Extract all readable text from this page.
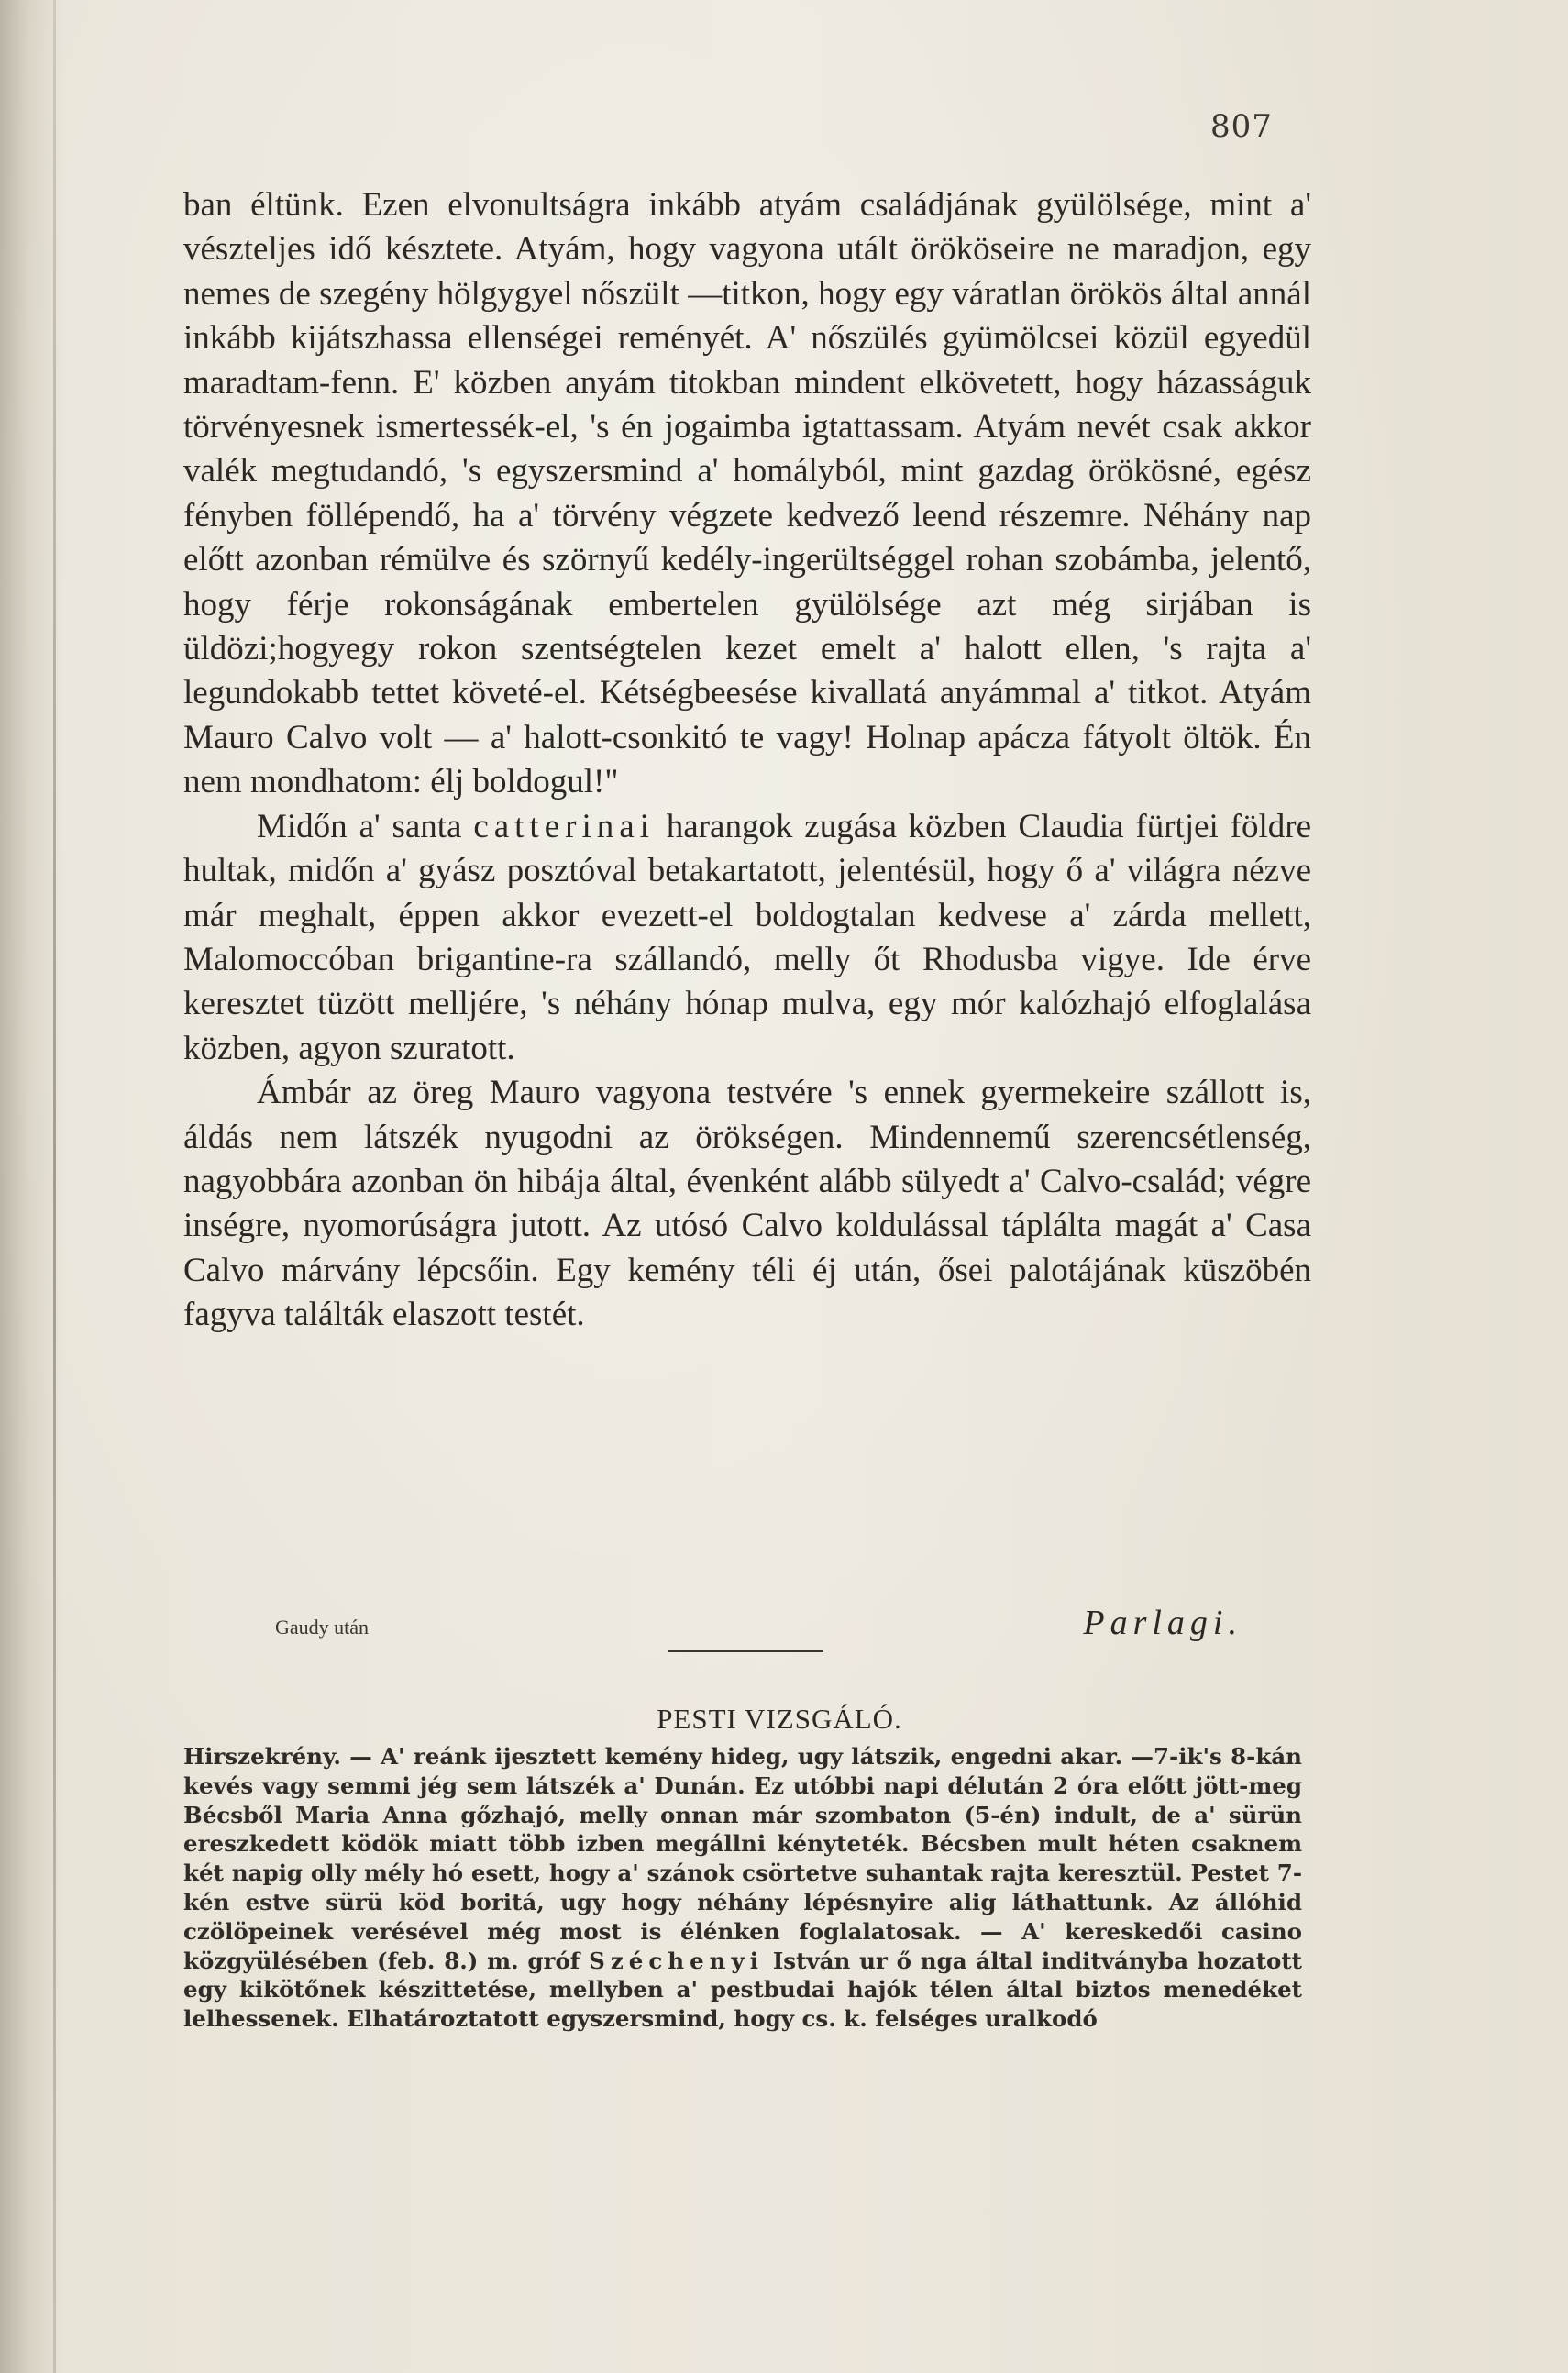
807

ban éltünk. Ezen elvonultságra inkább atyám családjának gyülölsége, mint a' vészteljes idő késztete. Atyám, hogy vagyona utált örököseire ne maradjon, egy nemes de szegény hölgygyel nőszült —titkon, hogy egy váratlan örökös által annál inkább kijátszhassa ellenségei reményét. A' nőszülés gyümölcsei közül egyedül maradtam-fenn. E' közben anyám titokban mindent elkövetett, hogy házasságuk törvényesnek ismertessék-el, 's én jogaimba igtattassam. Atyám nevét csak akkor valék megtudandó, 's egyszersmind a' homályból, mint gazdag örökösné, egész fényben föllépendő, ha a' törvény végzete kedvező leend részemre. Néhány nap előtt azonban rémülve és szörnyű kedély-ingerültséggel rohan szobámba, jelentő, hogy férje rokonságának embertelen gyülölsége azt még sirjában is üldözi;hogyegy rokon szentségtelen kezet emelt a' halott ellen, 's rajta a' legundokabb tettet követé-el. Kétségbeesése kivallatá anyámmal a' titkot. Atyám Mauro Calvo volt — a' halott-csonkitó te vagy! Holnap apácza fátyolt öltök. Én nem mondhatom: élj boldogul!"

Midőn a' santa catterinai harangok zugása közben Claudia fürtjei földre hultak, midőn a' gyász posztóval betakartatott, jelentésül, hogy ő a' világra nézve már meghalt, éppen akkor evezett-el boldogtalan kedvese a' zárda mellett, Malomoccóban brigantine-ra szállandó, melly őt Rhodusba vigye. Ide érve keresztet tüzött melljére, 's néhány hónap mulva, egy mór kalózhajó elfoglalása közben, agyon szuratott.

Ámbár az öreg Mauro vagyona testvére 's ennek gyermekeire szállott is, áldás nem látszék nyugodni az örökségen. Mindennemű szerencsétlenség, nagyobbára azonban ön hibája által, évenként alább sülyedt a' Calvo-család; végre inségre, nyomorúságra jutott. Az utósó Calvo koldulással táplálta magát a' Casa Calvo márvány lépcsőin. Egy kemény téli éj után, ősei palotájának küszöbén fagyva találták elaszott testét.

Gaudy után	Parlagi.
PESTI VIZSGÁLÓ.

Hirszekrény. — A' reánk ijesztett kemény hideg, ugy látszik, engedni akar. —7-ik's 8-kán kevés vagy semmi jég sem látszék a' Dunán. Ez utóbbi napi délután 2 óra előtt jött-meg Bécsből Maria Anna gőzhajó, melly onnan már szombaton (5-én) indult, de a' sürün ereszkedett ködök miatt több izben megállni kényteték. Bécsben mult héten csaknem két napig olly mély hó esett, hogy a' szánok csörtetve suhantak rajta keresztül. Pestet 7-kén estve sürü köd boritá, ugy hogy néhány lépésnyire alig láthattunk. Az állóhid czölöpeinek verésével még most is élénken foglalatosak. — A' kereskedői casino közgyülésében (feb. 8.) m. gróf Széchenyi István ur ő nga által inditványba hozatott egy kikötőnek készittetése, mellyben a' pestbudai hajók télen által biztos menedéket lelhessenek. Elhatároztatott egyszersmind, hogy cs. k. felséges uralkodó
